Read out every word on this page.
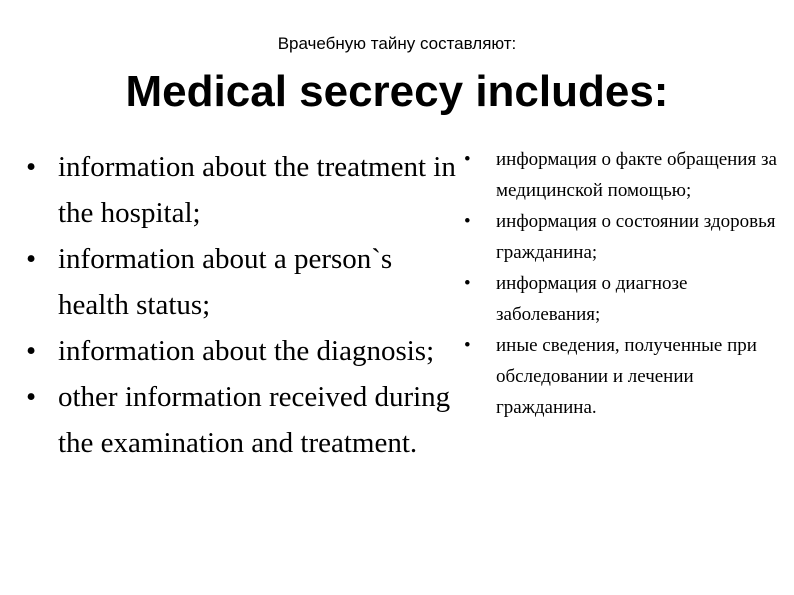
Врачебную тайну составляют:
Medical secrecy includes:
• information about the treatment in the hospital;
• information about a person`s health status;
• information about the diagnosis;
• other information received during the examination and treatment.
• информация о факте обращения за медицинской помощью;
• информация о состоянии здоровья гражданина;
• информация о диагнозе заболевания;
• иные сведения, полученные при обследовании и лечении гражданина.
